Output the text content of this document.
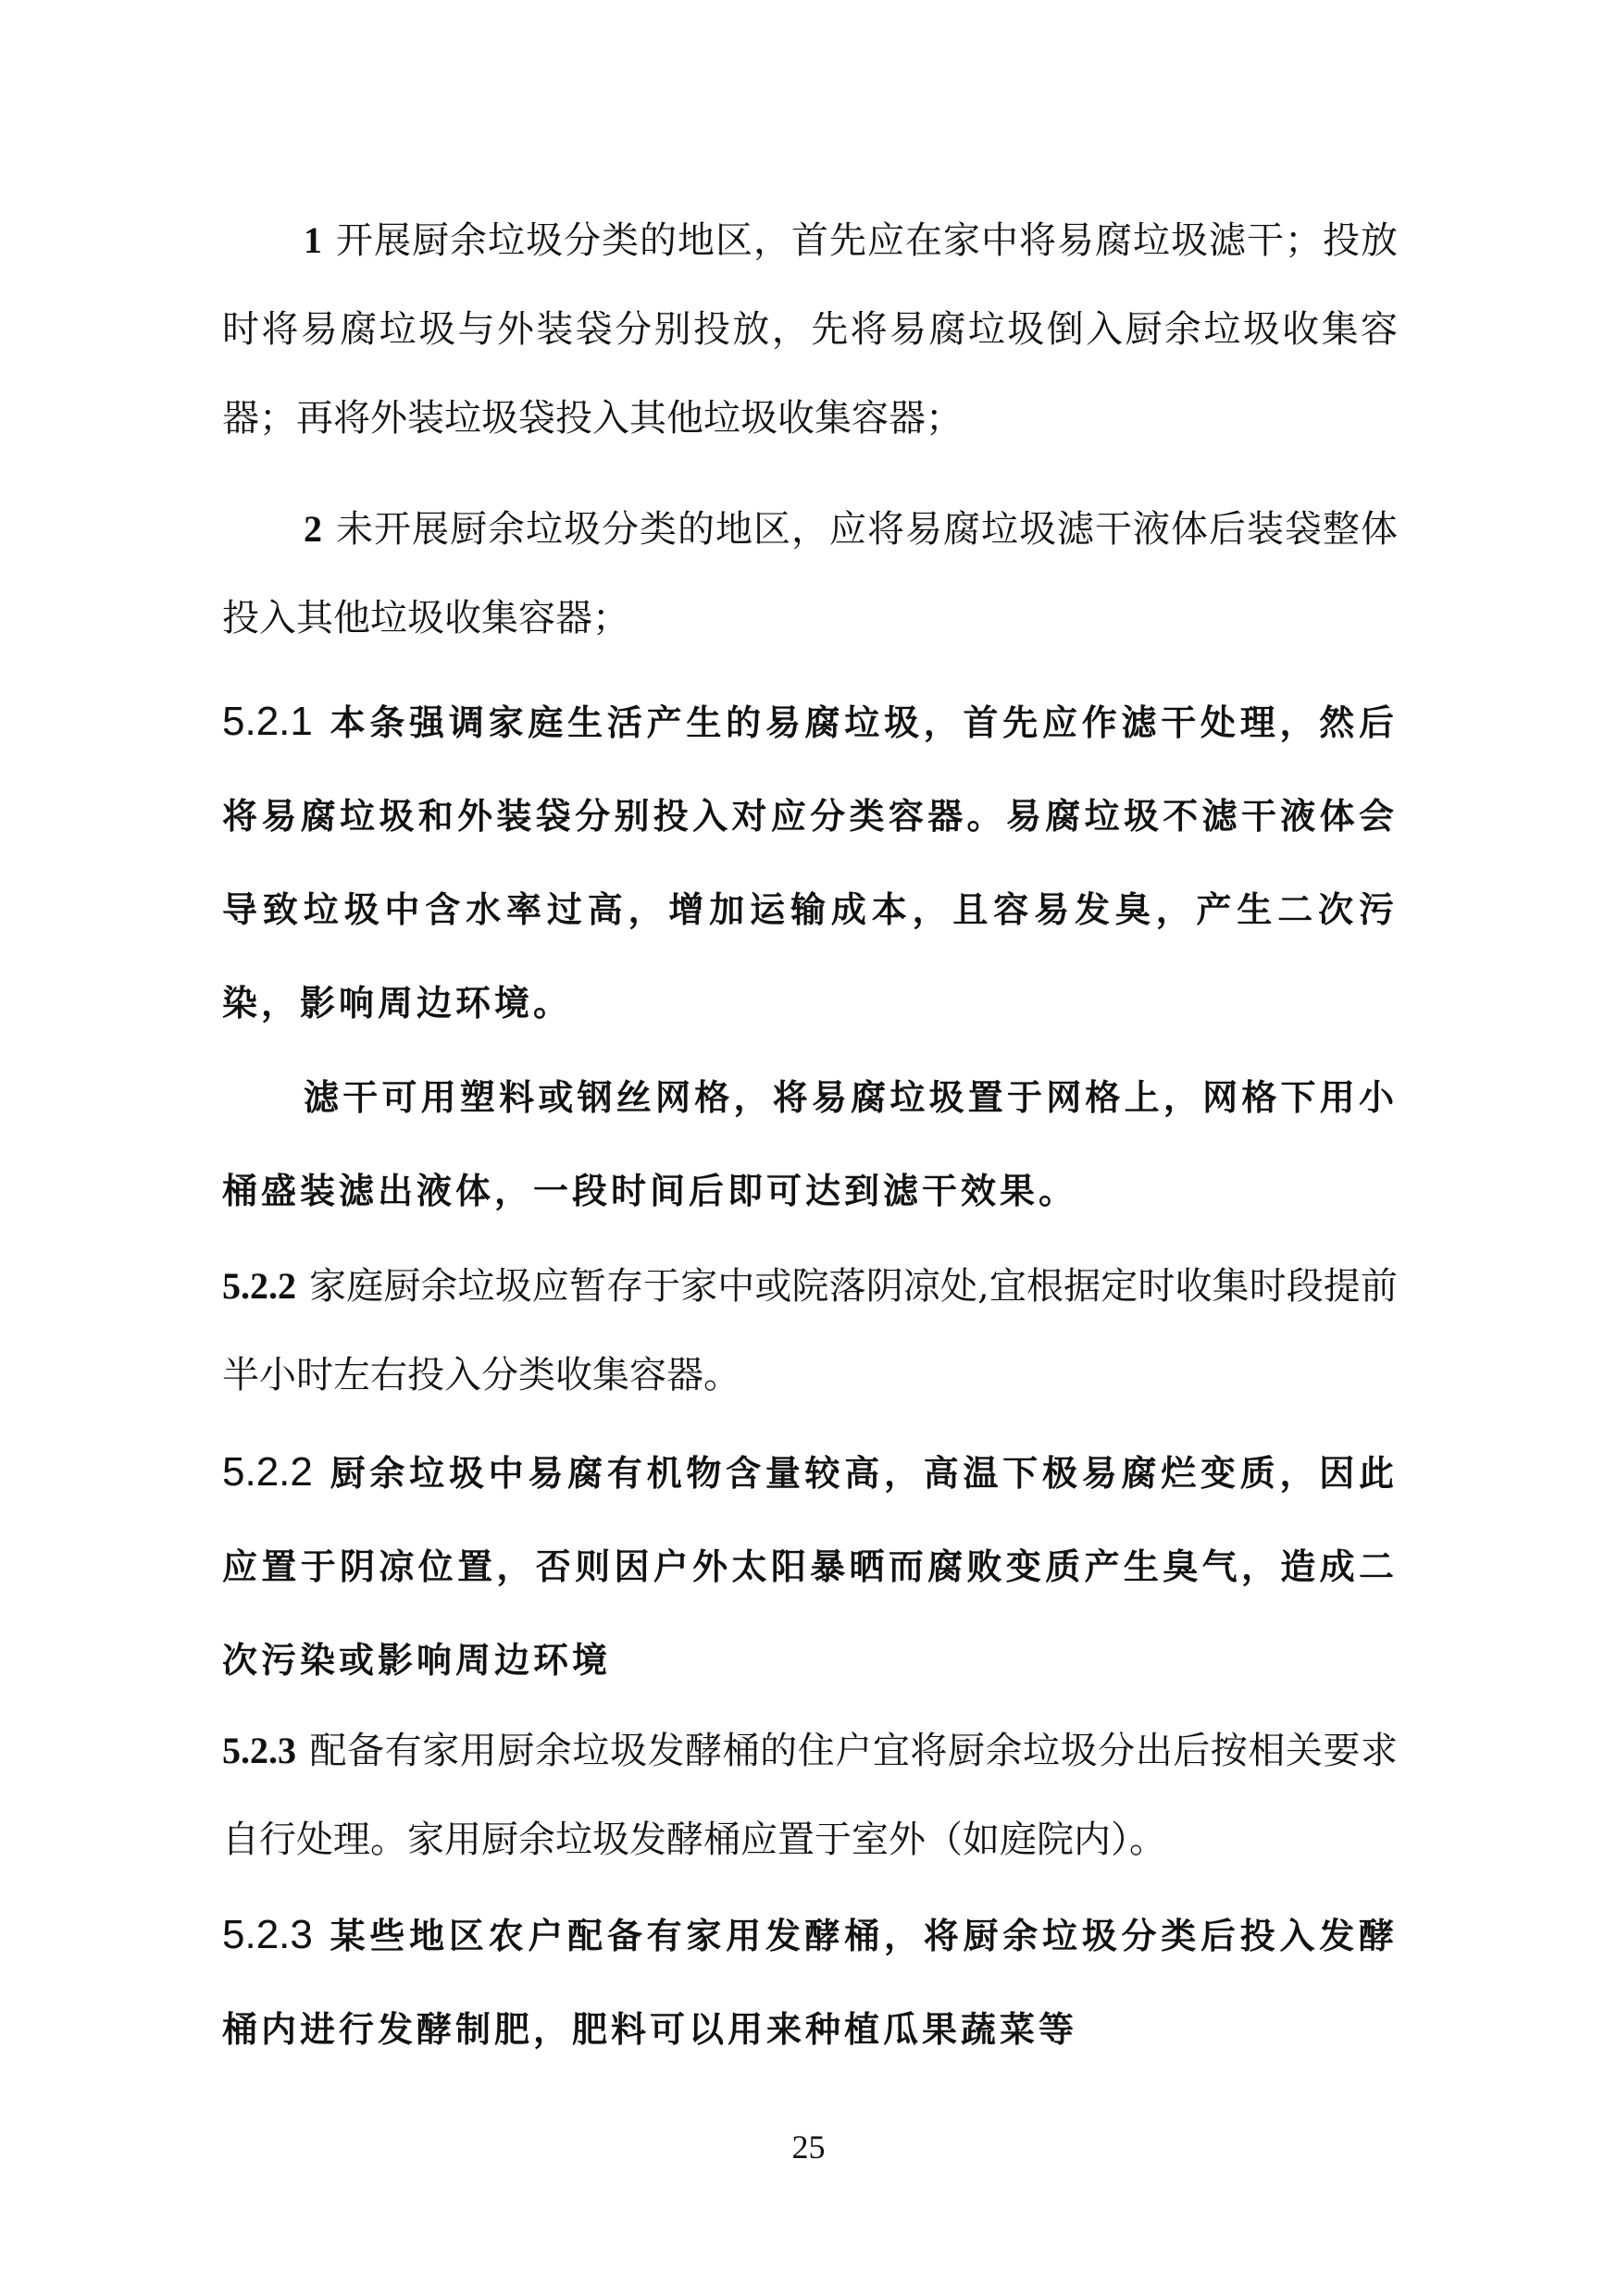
1 开展厨余垃圾分类的地区，首先应在家中将易腐垃圾滤干；投放时将易腐垃圾与外装袋分别投放，先将易腐垃圾倒入厨余垃圾收集容器；再将外装垃圾袋投入其他垃圾收集容器；

2 未开展厨余垃圾分类的地区，应将易腐垃圾滤干液体后装袋整体投入其他垃圾收集容器；

5.2.1 本条强调家庭生活产生的易腐垃圾，首先应作滤干处理，然后将易腐垃圾和外装袋分别投入对应分类容器。易腐垃圾不滤干液体会导致垃圾中含水率过高，增加运输成本，且容易发臭，产生二次污染，影响周边环境。

滤干可用塑料或钢丝网格，将易腐垃圾置于网格上，网格下用小桶盛装滤出液体，一段时间后即可达到滤干效果。

5.2.2 家庭厨余垃圾应暂存于家中或院落阴凉处,宜根据定时收集时段提前半小时左右投入分类收集容器。

5.2.2 厨余垃圾中易腐有机物含量较高，高温下极易腐烂变质，因此应置于阴凉位置，否则因户外太阳暴晒而腐败变质产生臭气，造成二次污染或影响周边环境

5.2.3 配备有家用厨余垃圾发酵桶的住户宜将厨余垃圾分出后按相关要求自行处理。家用厨余垃圾发酵桶应置于室外（如庭院内）。

5.2.3 某些地区农户配备有家用发酵桶，将厨余垃圾分类后投入发酵桶内进行发酵制肥，肥料可以用来种植瓜果蔬菜等

25
